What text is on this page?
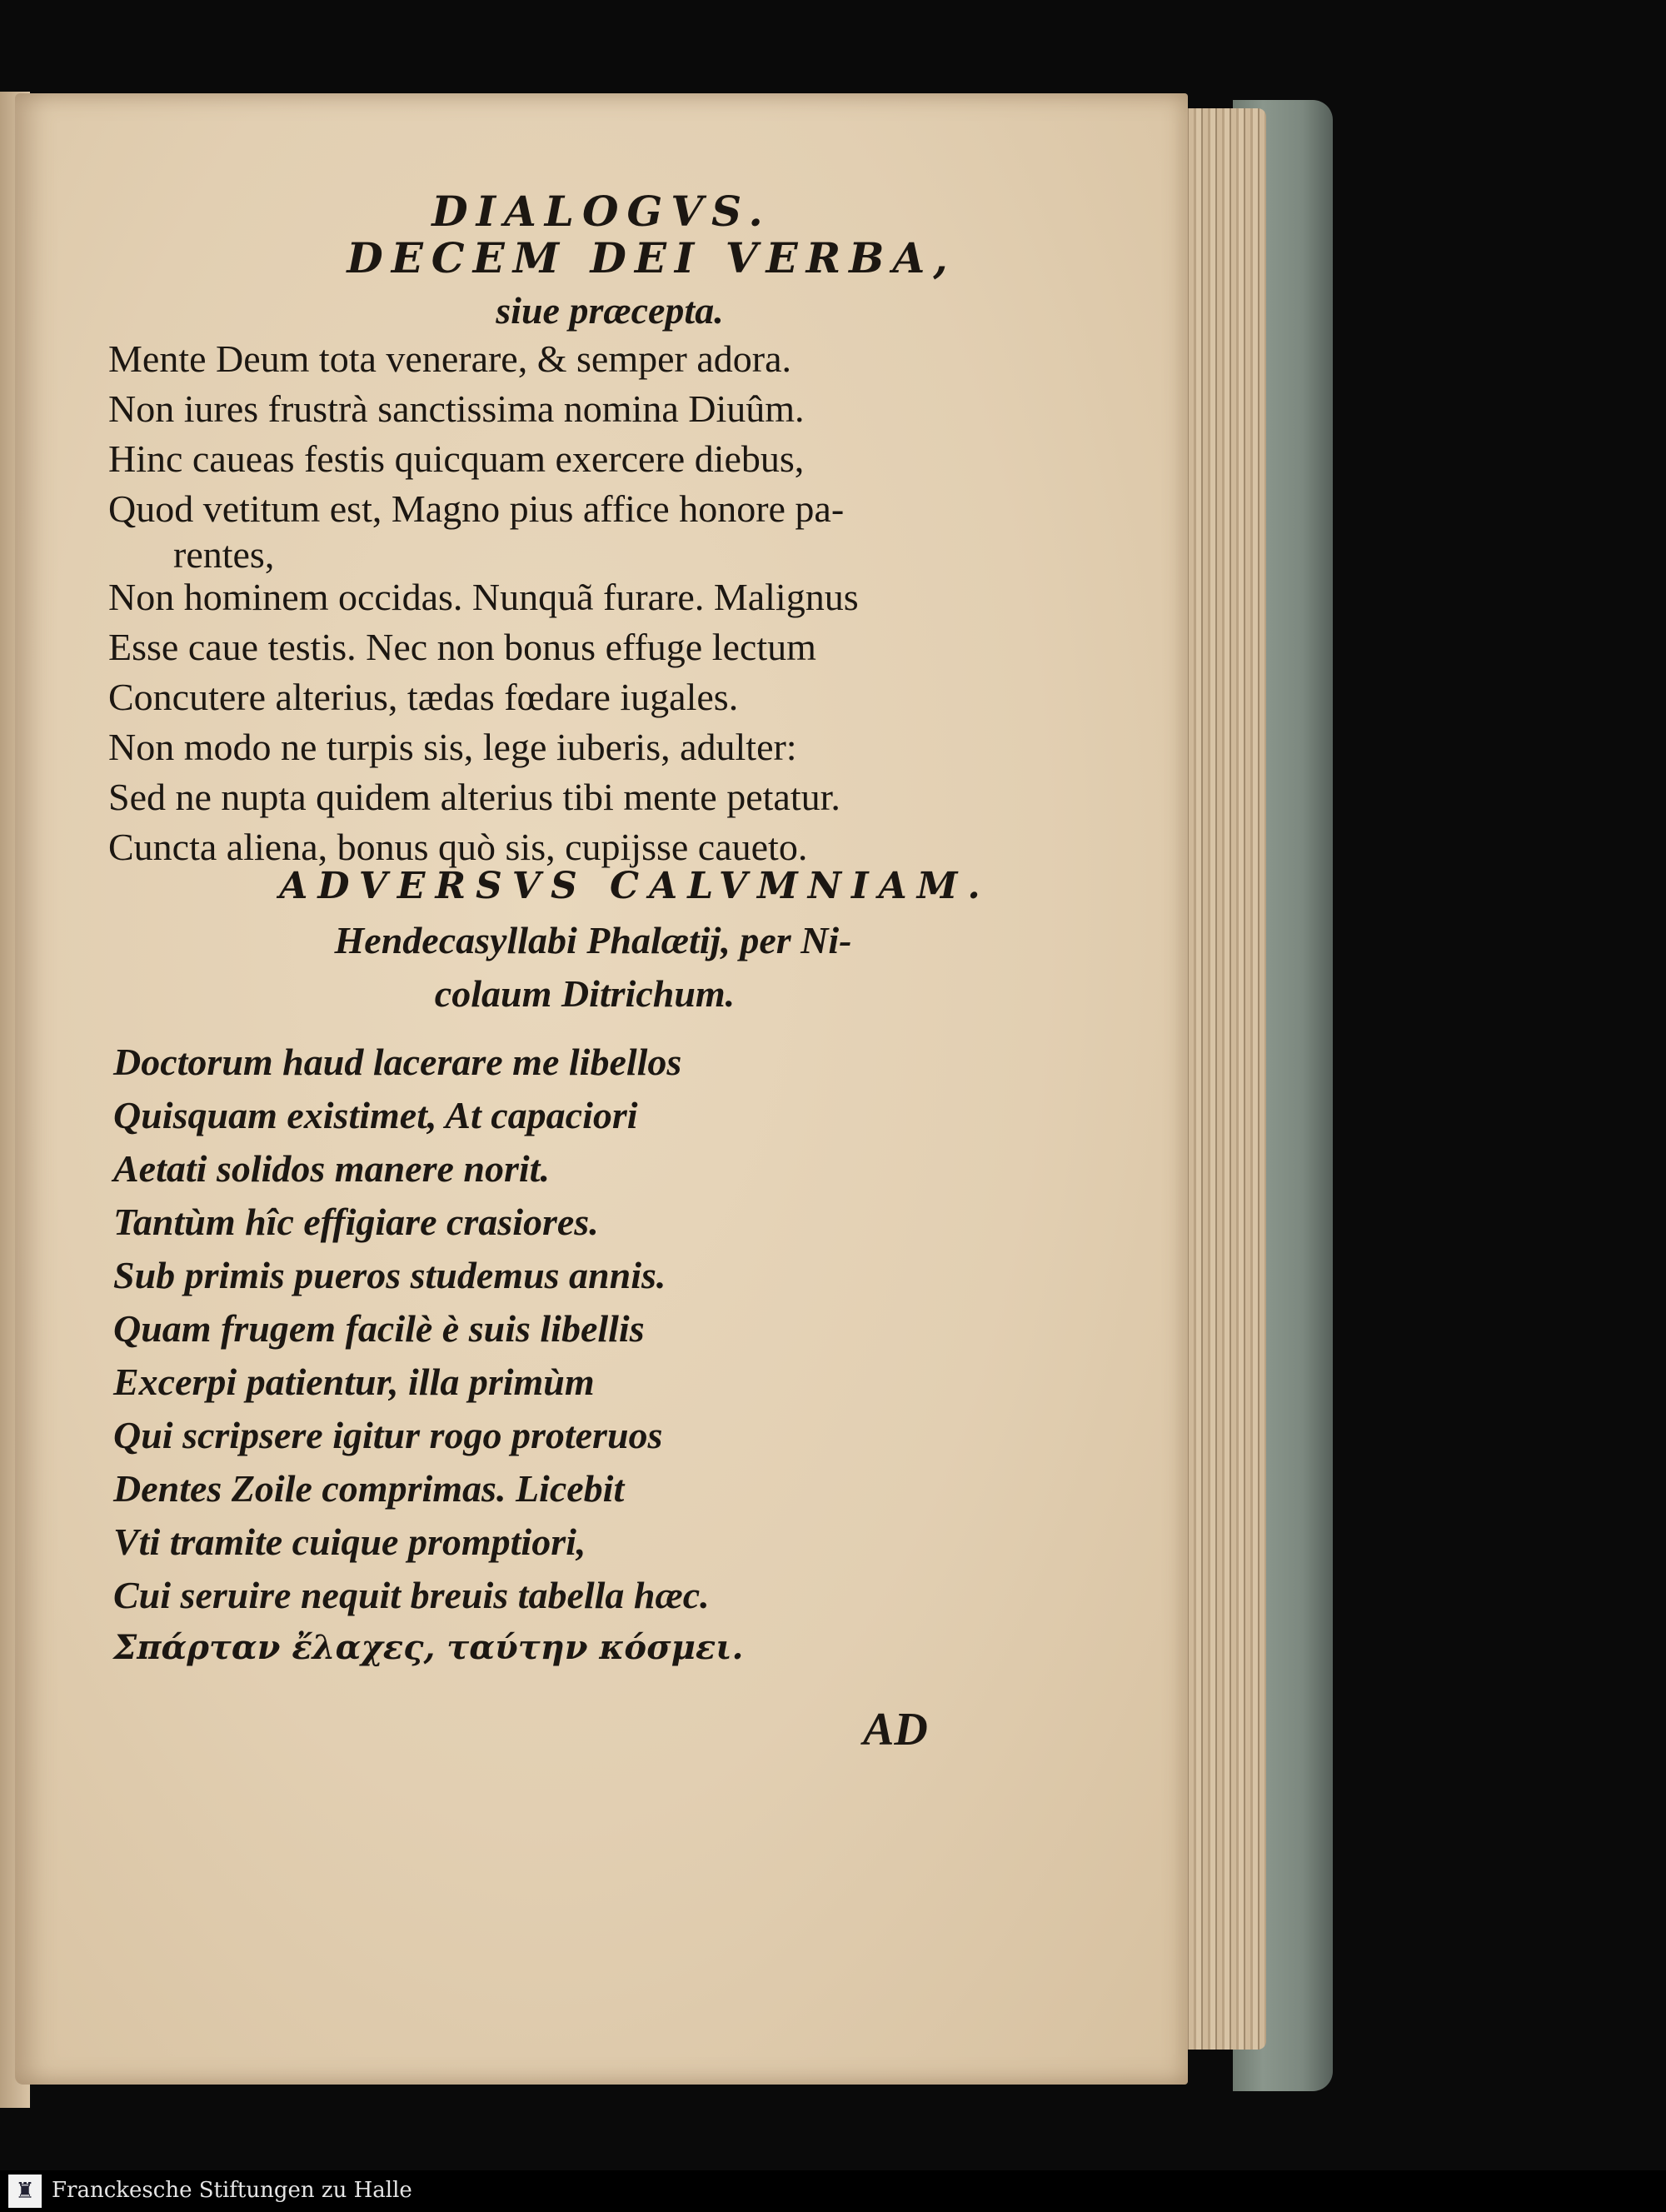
DIALOGVS.
DECEM DEI VERBA,
siue præcepta.
Mente Deum tota venerare, & semper adora.
Non iures frustrà sanctissima nomina Diuûm.
Hinc caueas festis quicquam exercere diebus,
Quod vetitum est, Magno pius affice honore pa-
rentes,
Non hominem occidas. Nunquã furare. Malignus
Esse caue testis. Nec non bonus effuge lectum
Concutere alterius, tædas fœdare iugales.
Non modo ne turpis sis, lege iuberis, adulter:
Sed ne nupta quidem alterius tibi mente petatur.
Cuncta aliena, bonus quò sis, cupijsse caueto.
ADVERSVS CALVMNIAM.
Hendecasyllabi Phalætij, per Ni-
colaum Ditrichum.
Doctorum haud lacerare me libellos
Quisquam existimet, At capaciori
Aetati solidos manere norit.
Tantùm hîc effigiare crasiores.
Sub primis pueros studemus annis.
Quam frugem facilè è suis libellis
Excerpi patientur, illa primùm
Qui scripsere igitur rogo proteruos
Dentes Zoile comprimas. Licebit
Vti tramite cuique promptiori,
Cui seruire nequit breuis tabella hæc.
Σπάρταν ἔλαχες, ταύτην κόσμει.
AD
♜ Franckesche Stiftungen zu Halle
